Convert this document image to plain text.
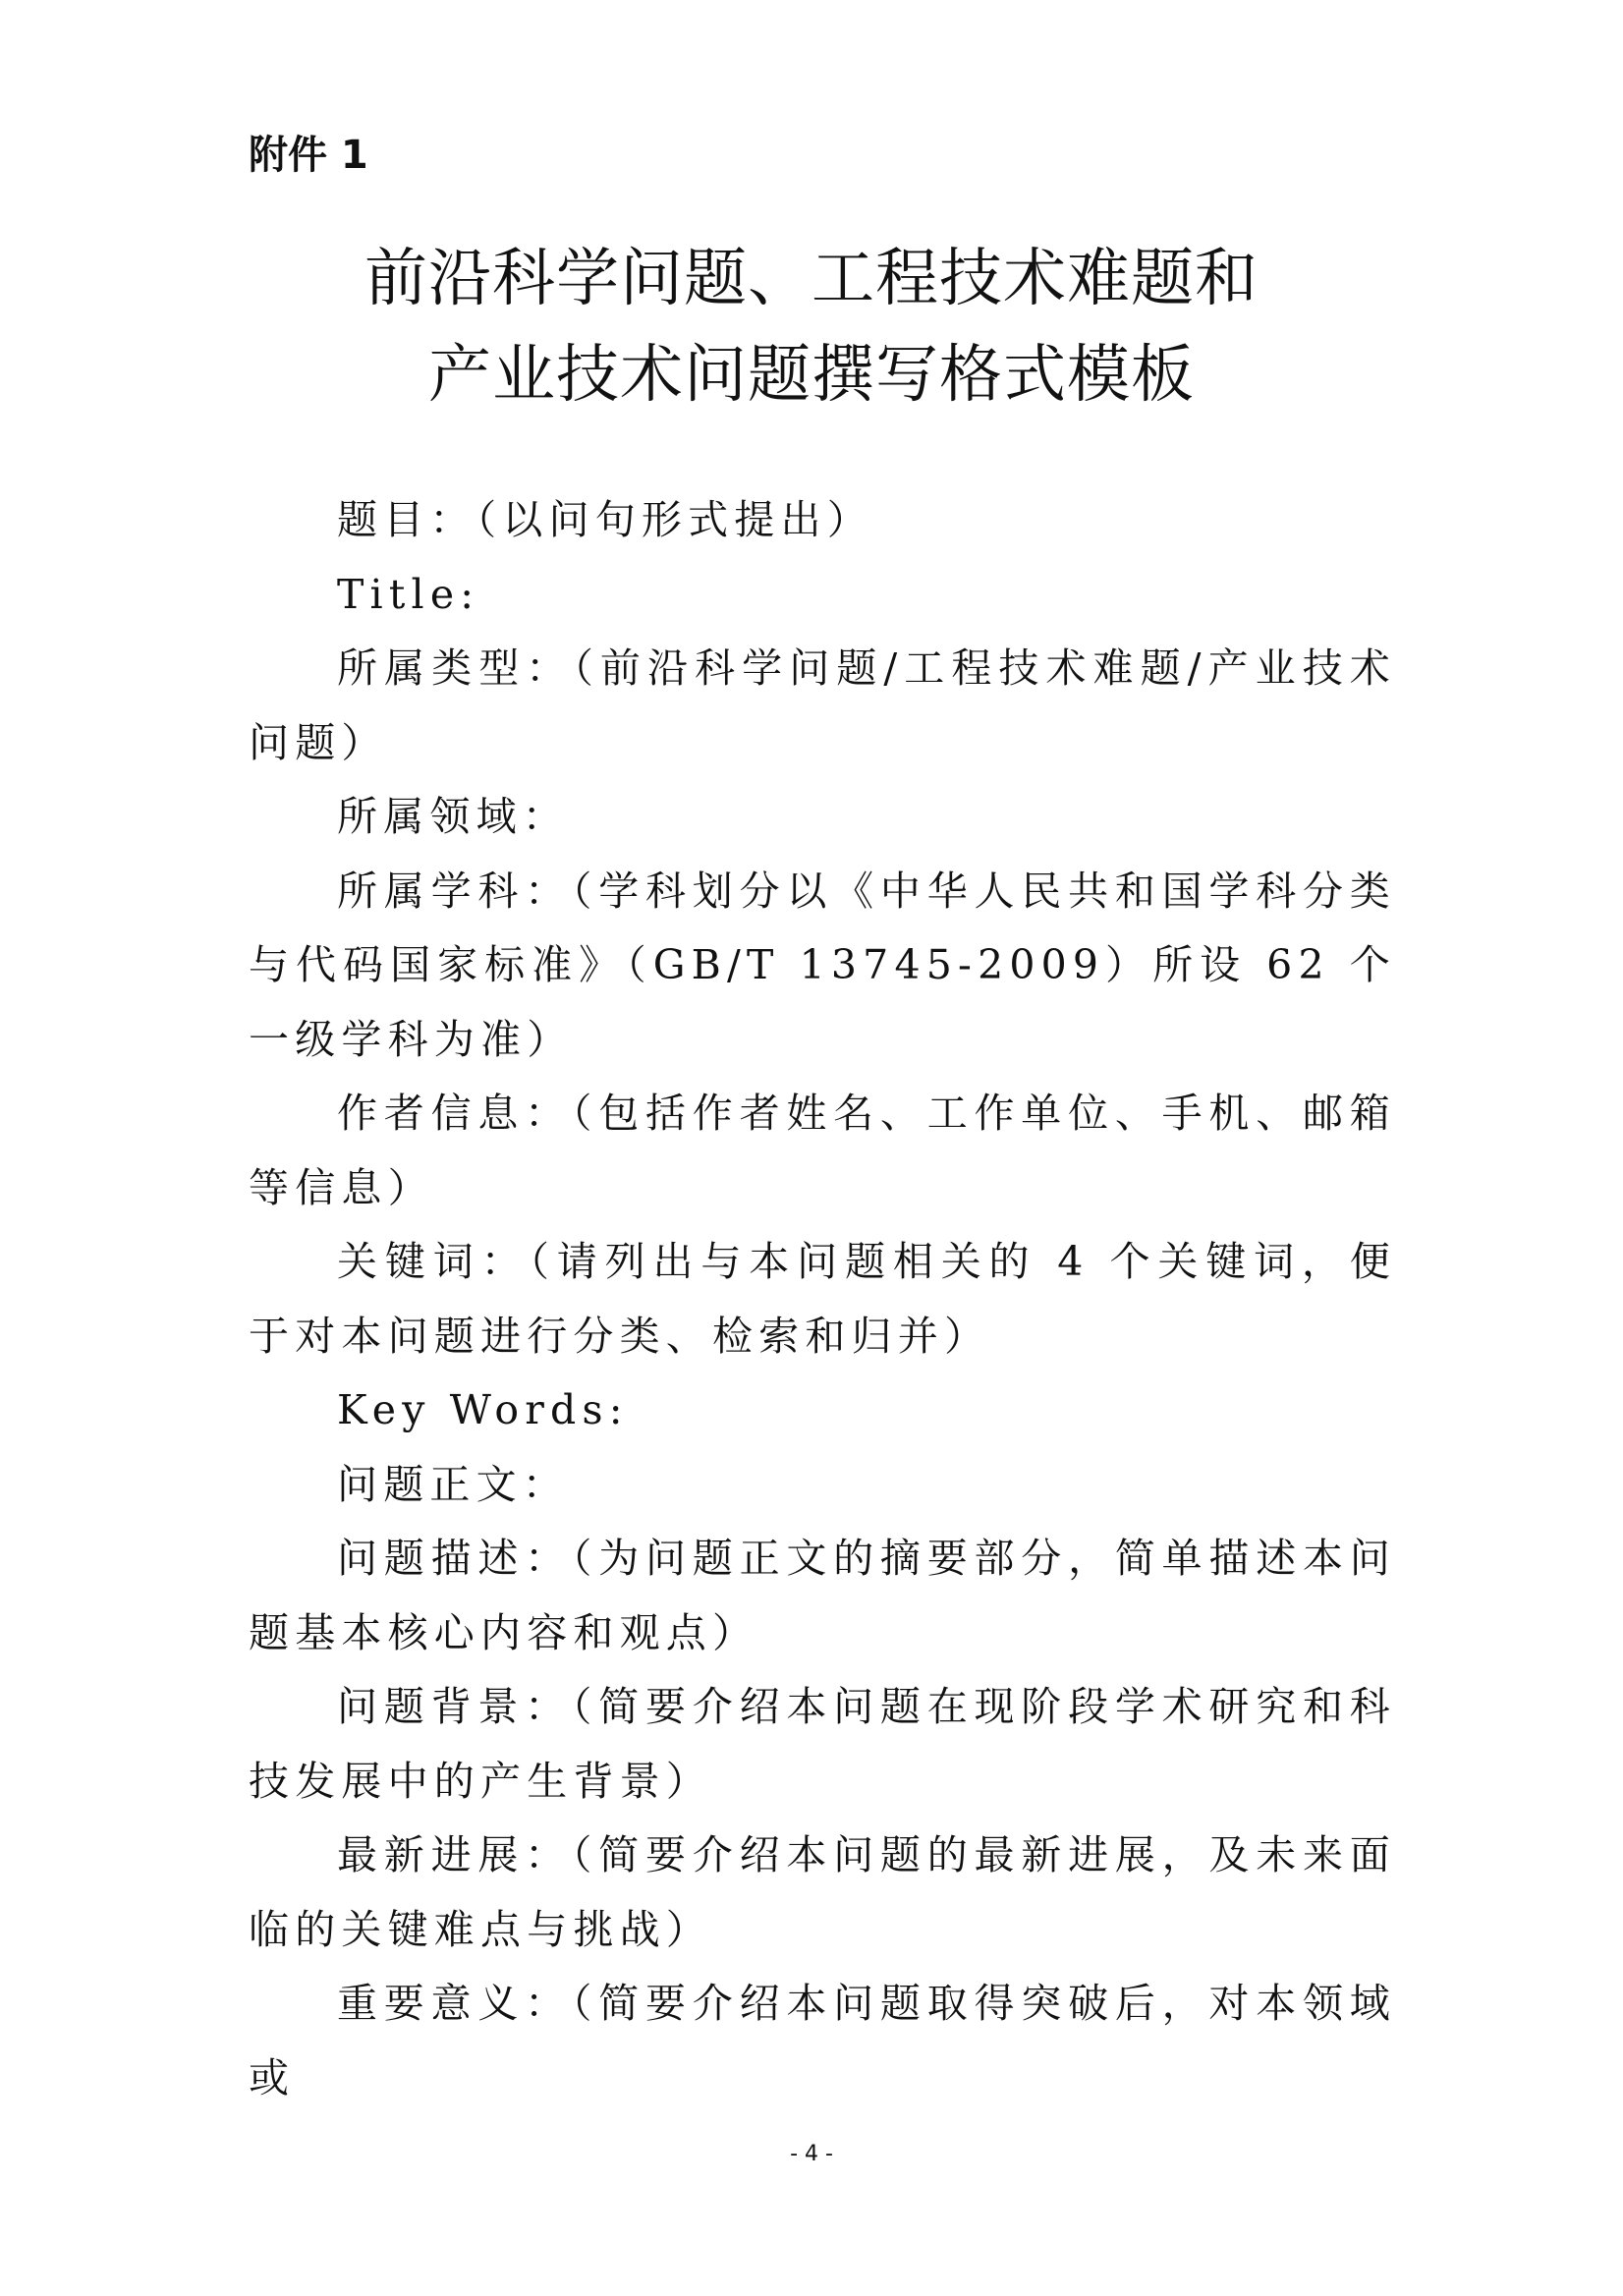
附件 1
前沿科学问题、工程技术难题和
产业技术问题撰写格式模板

题目：（以问句形式提出）

Title:

所属类型：（前沿科学问题/工程技术难题/产业技术问题）

所属领域：

所属学科：（学科划分以《中华人民共和国学科分类与代码国家标准》（GB/T 13745-2009）所设 62 个一级学科为准）

作者信息：（包括作者姓名、工作单位、手机、邮箱等信息）

关键词：（请列出与本问题相关的 4 个关键词，便于对本问题进行分类、检索和归并）

Key Words:

问题正文：

问题描述：（为问题正文的摘要部分，简单描述本问题基本核心内容和观点）

问题背景：（简要介绍本问题在现阶段学术研究和科技发展中的产生背景）

最新进展：（简要介绍本问题的最新进展，及未来面临的关键难点与挑战）

重要意义：（简要介绍本问题取得突破后，对本领域或

- 4 -
